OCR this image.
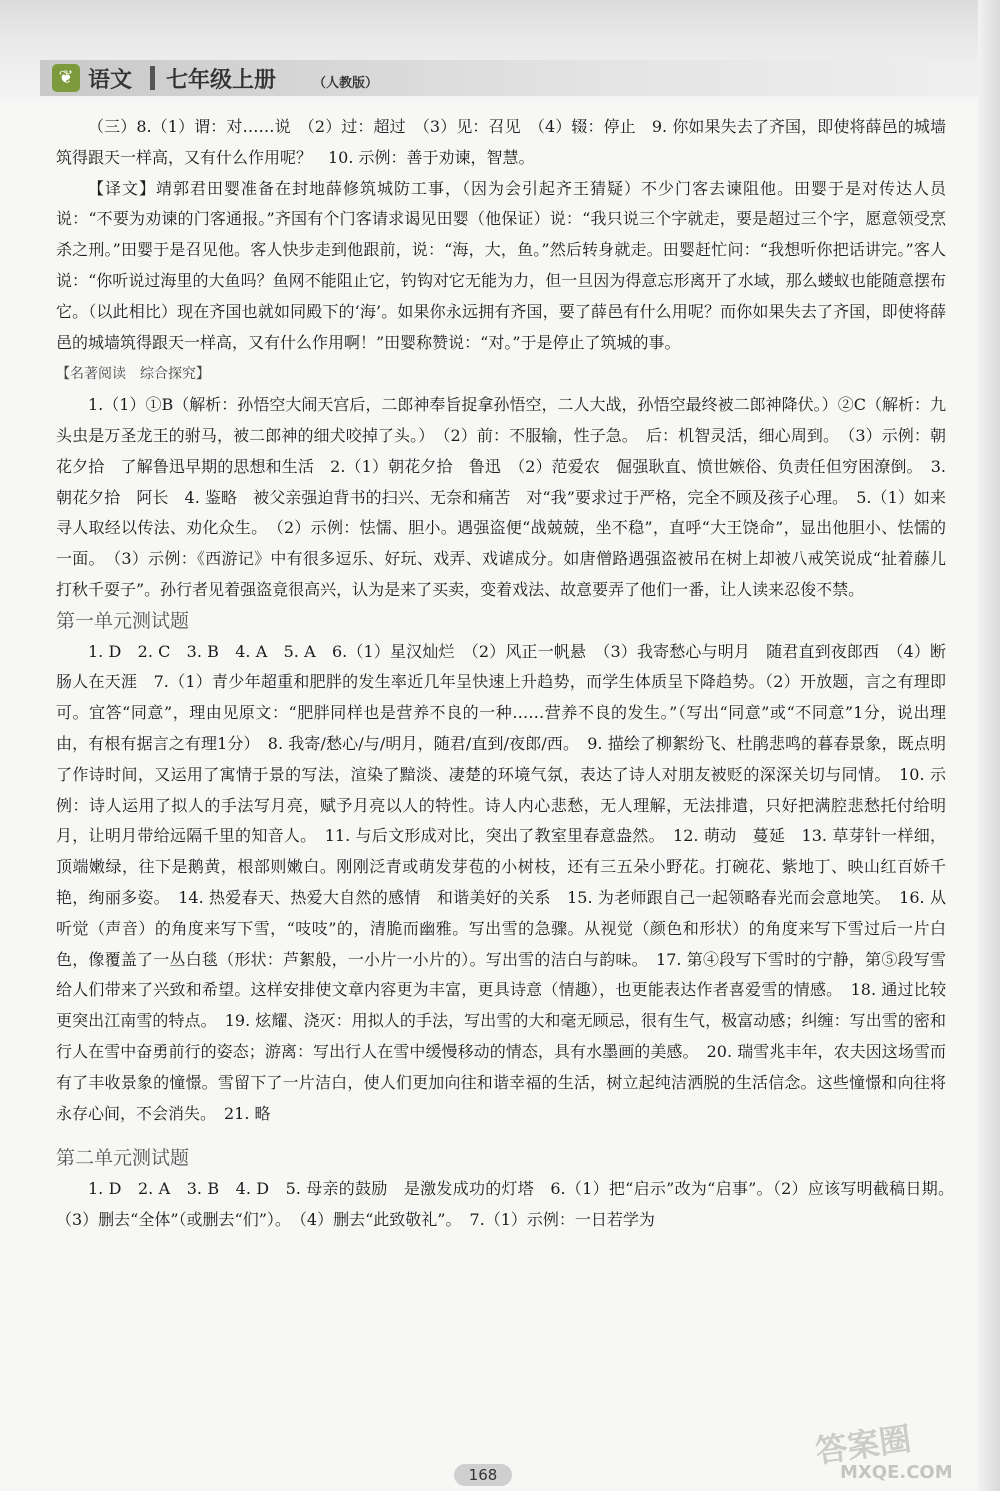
❦ 语文 七年级上册	（人教版）

（三）8.（1）谓：对……说　（2）过：超过　（3）见：召见　（4）辍：停止　9. 你如果失去了齐国，即使将薛邑的城墙筑得跟天一样高，又有什么作用呢？　10. 示例：善于劝谏，智慧。

【译文】靖郭君田婴准备在封地薛修筑城防工事，（因为会引起齐王猜疑）不少门客去谏阻他。田婴于是对传达人员说：“不要为劝谏的门客通报。”齐国有个门客请求谒见田婴（他保证）说：“我只说三个字就走，要是超过三个字，愿意领受烹杀之刑。”田婴于是召见他。客人快步走到他跟前，说：“海，大，鱼。”然后转身就走。田婴赶忙问：“我想听你把话讲完。”客人说：“你听说过海里的大鱼吗？鱼网不能阻止它，钓钩对它无能为力，但一旦因为得意忘形离开了水域，那么蝼蚁也能随意摆布它。（以此相比）现在齐国也就如同殿下的‘海’。如果你永远拥有齐国，要了薛邑有什么用呢？而你如果失去了齐国，即使将薛邑的城墙筑得跟天一样高，又有什么作用啊！”田婴称赞说：“对。”于是停止了筑城的事。

【名著阅读　综合探究】

1.（1）①B（解析：孙悟空大闹天宫后，二郎神奉旨捉拿孙悟空，二人大战，孙悟空最终被二郎神降伏。）②C（解析：九头虫是万圣龙王的驸马，被二郎神的细犬咬掉了头。）　（2）前：不服输，性子急。　后：机智灵活，细心周到。　（3）示例：朝花夕拾　了解鲁迅早期的思想和生活　2.（1）朝花夕拾　鲁迅　（2）范爱农　倔强耿直、愤世嫉俗、负责任但穷困潦倒。　3. 朝花夕拾　阿长　4. 鉴略　被父亲强迫背书的扫兴、无奈和痛苦　对“我”要求过于严格，完全不顾及孩子心理。　5.（1）如来寻人取经以传法、劝化众生。　（2）示例：怯懦、胆小。遇强盗便“战兢兢，坐不稳”，直呼“大王饶命”，显出他胆小、怯懦的一面。　（3）示例：《西游记》中有很多逗乐、好玩、戏弄、戏谑成分。如唐僧路遇强盗被吊在树上却被八戒笑说成“扯着藤儿打秋千耍子”。孙行者见着强盗竟很高兴，认为是来了买卖，变着戏法、故意要弄了他们一番，让人读来忍俊不禁。

第一单元测试题

1. D　2. C　3. B　4. A　5. A　6.（1）星汉灿烂　（2）风正一帆悬　（3）我寄愁心与明月　随君直到夜郎西　（4）断肠人在天涯　7.（1）青少年超重和肥胖的发生率近几年呈快速上升趋势，而学生体质呈下降趋势。（2）开放题，言之有理即可。宜答“同意”，理由见原文：“肥胖同样也是营养不良的一种……营养不良的发生。”（写出“同意”或“不同意”1分，说出理由，有根有据言之有理1分）　8. 我寄/愁心/与/明月，随君/直到/夜郎/西。　9. 描绘了柳絮纷飞、杜鹃悲鸣的暮春景象，既点明了作诗时间，又运用了寓情于景的写法，渲染了黯淡、凄楚的环境气氛，表达了诗人对朋友被贬的深深关切与同情。　10. 示例：诗人运用了拟人的手法写月亮，赋予月亮以人的特性。诗人内心悲愁，无人理解，无法排遣，只好把满腔悲愁托付给明月，让明月带给远隔千里的知音人。　11. 与后文形成对比，突出了教室里春意盎然。　12. 萌动　蔓延　13. 草芽针一样细，顶端嫩绿，往下是鹅黄，根部则嫩白。刚刚泛青或萌发芽苞的小树枝，还有三五朵小野花。打碗花、紫地丁、映山红百娇千艳，绚丽多姿。　14. 热爱春天、热爱大自然的感情　和谐美好的关系　15. 为老师跟自己一起领略春光而会意地笑。　16. 从听觉（声音）的角度来写下雪，“吱吱”的，清脆而幽雅。写出雪的急骤。从视觉（颜色和形状）的角度来写下雪过后一片白色，像覆盖了一丛白毯（形状：芦絮般，一小片一小片的）。写出雪的洁白与韵味。　17. 第④段写下雪时的宁静，第⑤段写雪给人们带来了兴致和希望。这样安排使文章内容更为丰富，更具诗意（情趣），也更能表达作者喜爱雪的情感。　18. 通过比较更突出江南雪的特点。　19. 炫耀、浇灭：用拟人的手法，写出雪的大和毫无顾忌，很有生气，极富动感；纠缠：写出雪的密和行人在雪中奋勇前行的姿态；游离：写出行人在雪中缓慢移动的情态，具有水墨画的美感。　20. 瑞雪兆丰年，农夫因这场雪而有了丰收景象的憧憬。雪留下了一片洁白，使人们更加向往和谐幸福的生活，树立起纯洁洒脱的生活信念。这些憧憬和向往将永存心间，不会消失。　21. 略

第二单元测试题

1. D　2. A　3. B　4. D　5. 母亲的鼓励　是激发成功的灯塔　6.（1）把“启示”改为“启事”。（2）应该写明截稿日期。　（3）删去“全体”（或删去“们”）。　（4）删去“此致敬礼”。　7.（1）示例：一日若学为

168
答案圈
MXQE.COM
